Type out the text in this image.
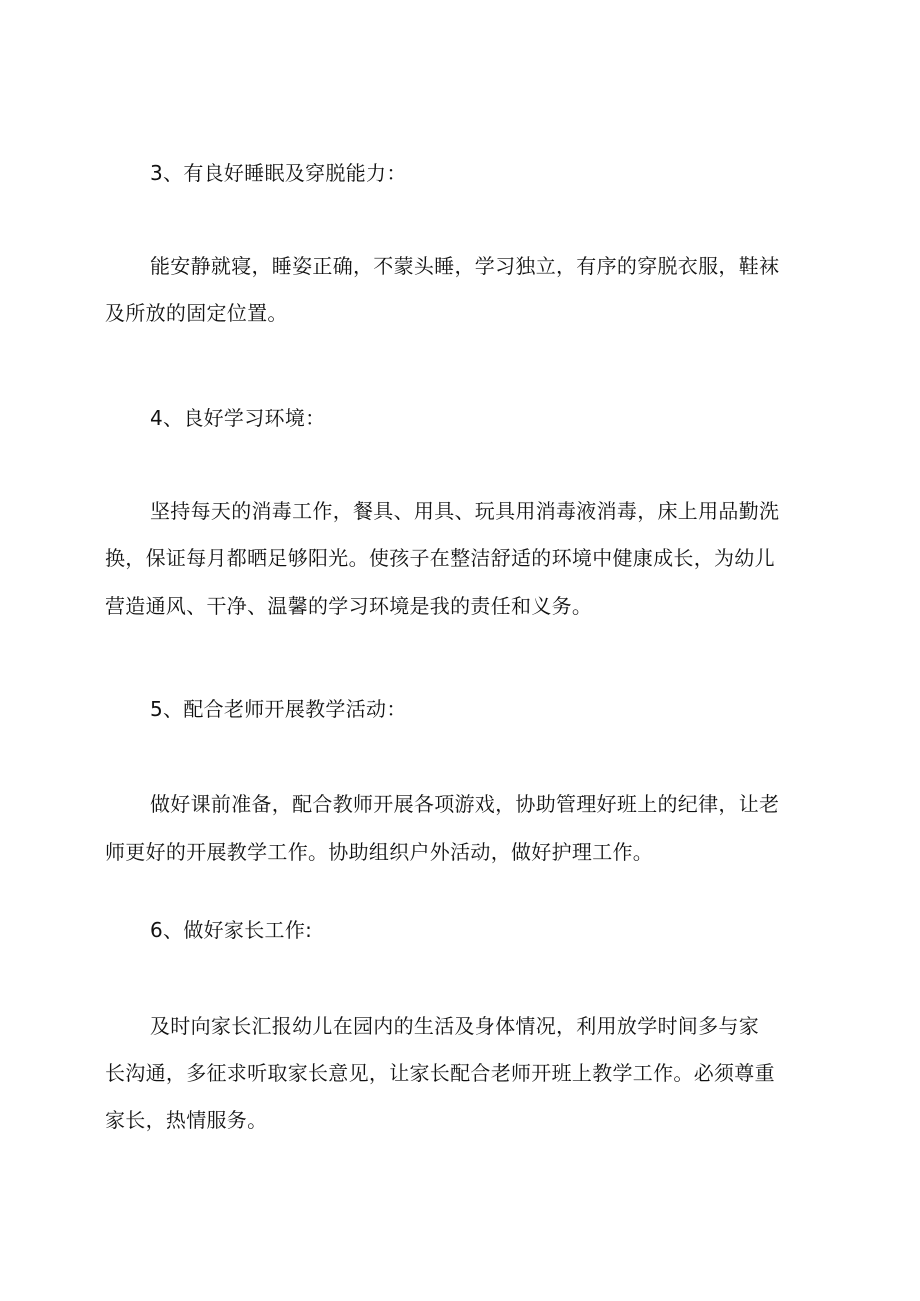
3、有良好睡眠及穿脱能力：
能安静就寝，睡姿正确，不蒙头睡，学习独立，有序的穿脱衣服，鞋袜
及所放的固定位置。
4、良好学习环境：
坚持每天的消毒工作，餐具、用具、玩具用消毒液消毒，床上用品勤洗
换，保证每月都晒足够阳光。使孩子在整洁舒适的环境中健康成长，为幼儿
营造通风、干净、温馨的学习环境是我的责任和义务。
5、配合老师开展教学活动：
做好课前准备，配合教师开展各项游戏，协助管理好班上的纪律，让老
师更好的开展教学工作。协助组织户外活动，做好护理工作。
6、做好家长工作:
及时向家长汇报幼儿在园内的生活及身体情况，利用放学时间多与家
长沟通，多征求听取家长意见，让家长配合老师开班上教学工作。必须尊重
家长，热情服务。
